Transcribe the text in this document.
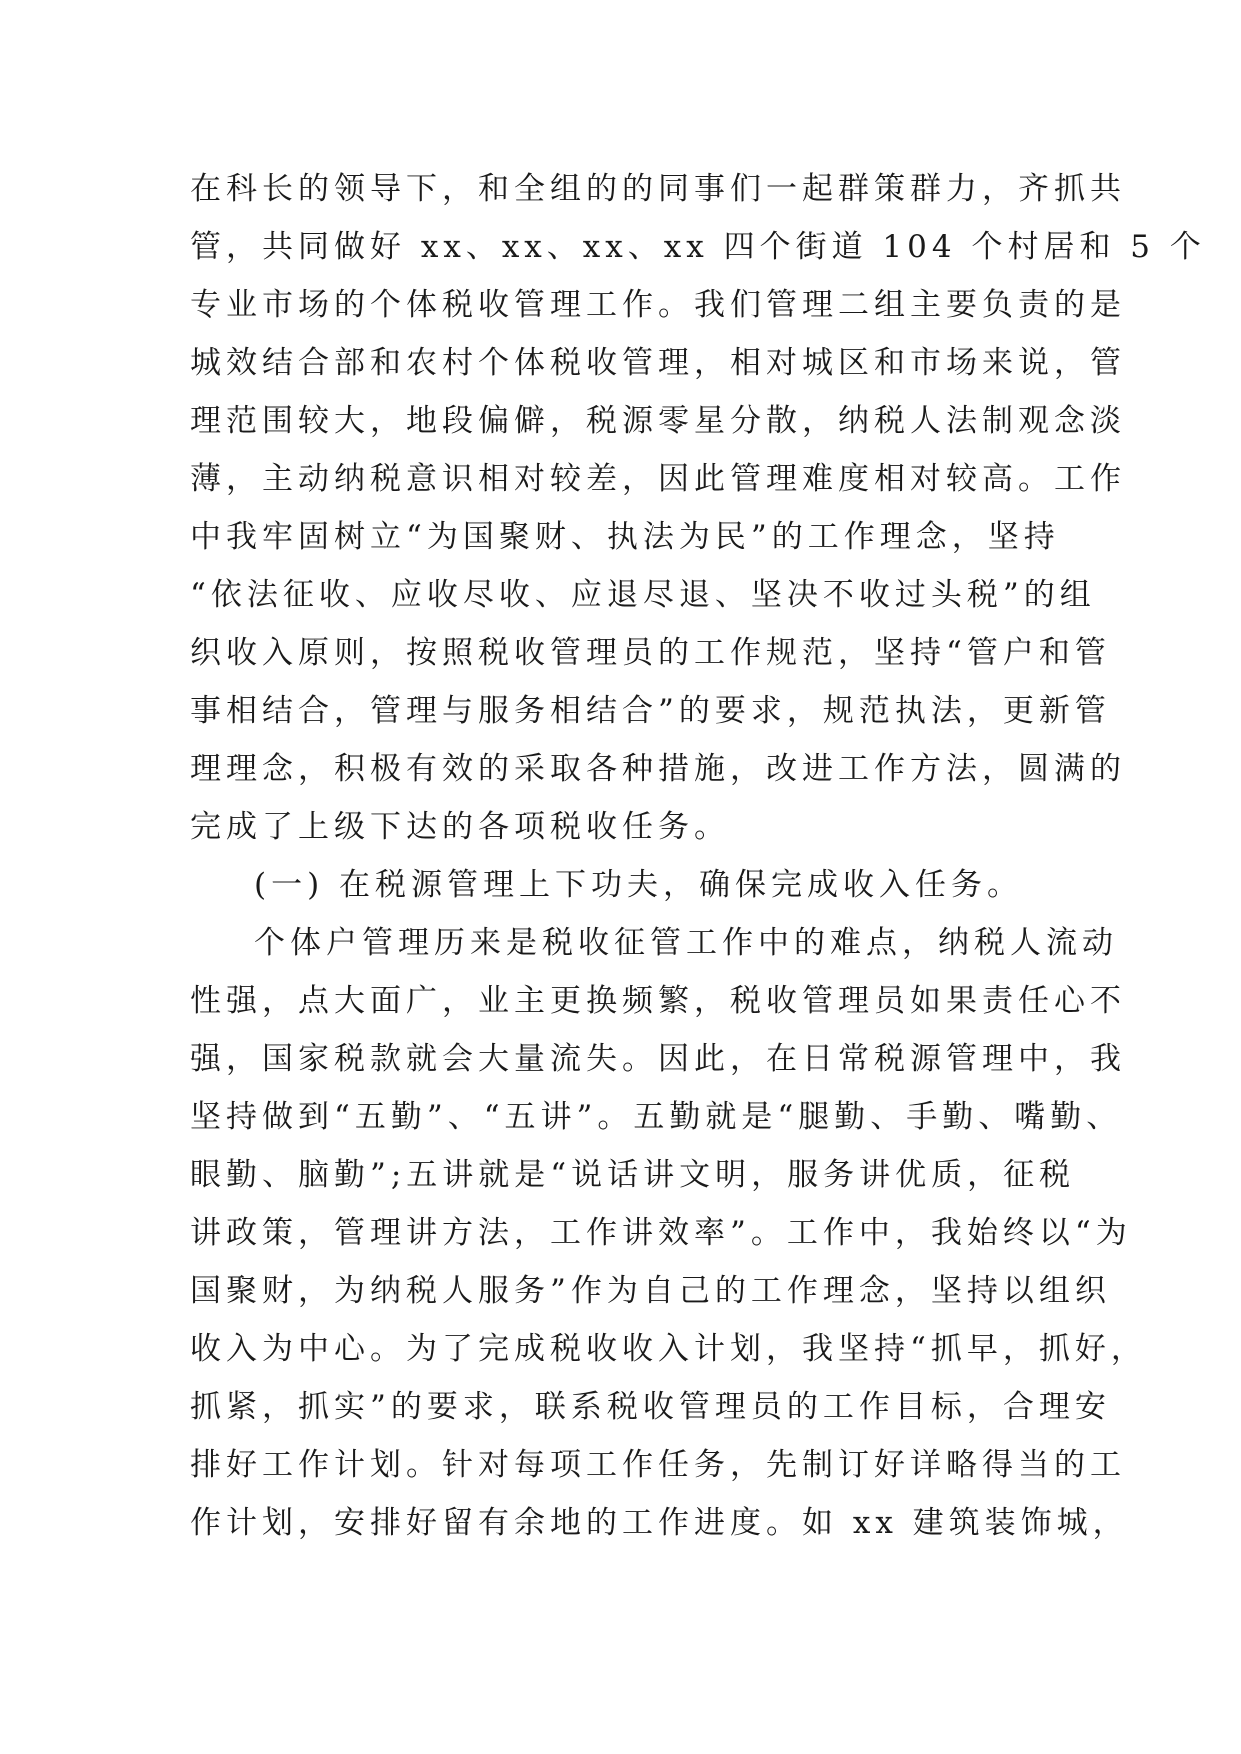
在科长的领导下，和全组的的同事们一起群策群力，齐抓共
管，共同做好 xx、xx、xx、xx 四个街道 104 个村居和 5 个
专业市场的个体税收管理工作。我们管理二组主要负责的是
城效结合部和农村个体税收管理，相对城区和市场来说，管
理范围较大，地段偏僻，税源零星分散，纳税人法制观念淡
薄，主动纳税意识相对较差，因此管理难度相对较高。工作
中我牢固树立“为国聚财、执法为民”的工作理念，坚持
“依法征收、应收尽收、应退尽退、坚决不收过头税”的组
织收入原则，按照税收管理员的工作规范，坚持“管户和管
事相结合，管理与服务相结合”的要求，规范执法，更新管
理理念，积极有效的采取各种措施，改进工作方法，圆满的
完成了上级下达的各项税收任务。
(一) 在税源管理上下功夫，确保完成收入任务。
个体户管理历来是税收征管工作中的难点，纳税人流动
性强，点大面广，业主更换频繁，税收管理员如果责任心不
强，国家税款就会大量流失。因此，在日常税源管理中，我
坚持做到“五勤”、“五讲”。五勤就是“腿勤、手勤、嘴勤、
眼勤、脑勤”;五讲就是“说话讲文明，服务讲优质，征税
讲政策，管理讲方法，工作讲效率”。工作中，我始终以“为
国聚财，为纳税人服务”作为自己的工作理念，坚持以组织
收入为中心。为了完成税收收入计划，我坚持“抓早，抓好，
抓紧，抓实”的要求，联系税收管理员的工作目标，合理安
排好工作计划。针对每项工作任务，先制订好详略得当的工
作计划，安排好留有余地的工作进度。如 xx 建筑装饰城，
